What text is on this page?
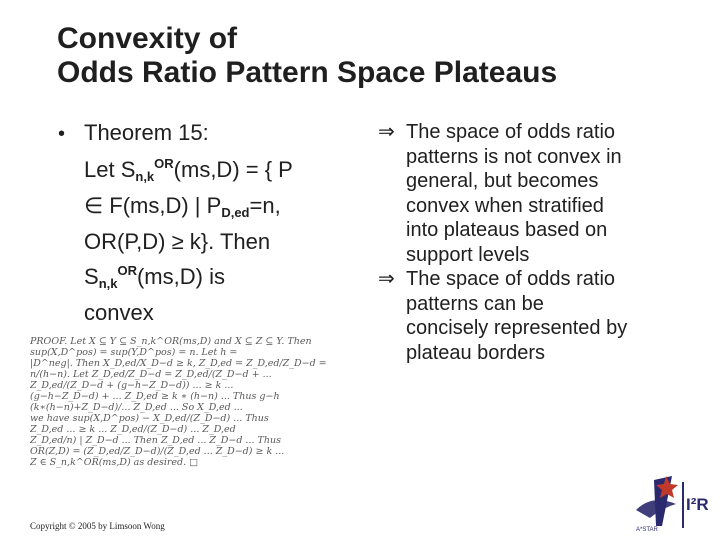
Convexity of
Odds Ratio Pattern Space Plateaus
• Theorem 15:
Let $S_{n,k}^{OR}(ms,D)$ = { P
∈ F(ms,D) | $P_{D,ed}=n$,
OR(P,D) ≥ k}. Then
$S_{n,k}^{OR}(ms,D)$ is
convex
⇒ The space of odds ratio
patterns is not convex in
general, but becomes
convex when stratified
into plateaus based on
support levels
⇒ The space of odds ratio
patterns can be
concisely represented by
plateau borders
PROOF. Let X ⊆ Y ⊆ S_n,k^OR(ms,D) and X ⊆ Z ⊆ Y. Then
sup(X,D^pos) = sup(Y,D^pos) = n. Let h =
|D^neg|. Then X_D,ed/X_D−d ≥ k, Z_D,ed = Z_D,ed/Z_D−d =
n/(h−n). Let Z_D,ed/Z_D−d = Z_D,ed/(Z_D−d + ...
Z_D,ed/(Z_D−d + (g−h−Z_D−d)) ... ≥ k ...
(g−h−Z_D−d) + ... Z_D,ed ≥ k ∗ (h−n) ... Thus g−h
(k∗(h−n)+Z_D−d)/... Z_D,ed ... So X_D,ed ...
we have sup(X,D^pos) − X_D,ed/(Z_D−d) ... Thus
Z_D,ed ... ≥ k ... Z_D,ed/(Z_D−d) ... Z_D,ed
Z_D,ed/n) | Z_D−d ... Then Z_D,ed ... Z_D−d ... Thus
OR(Z,D) = (Z_D,ed/Z_D−d)/(Z_D,ed ... Z_D−d) ≥ k ...
Z ∈ S_n,k^OR(ms,D) as desired. □
Copyright © 2005 by Limsoon Wong
I²R
A*STAR
